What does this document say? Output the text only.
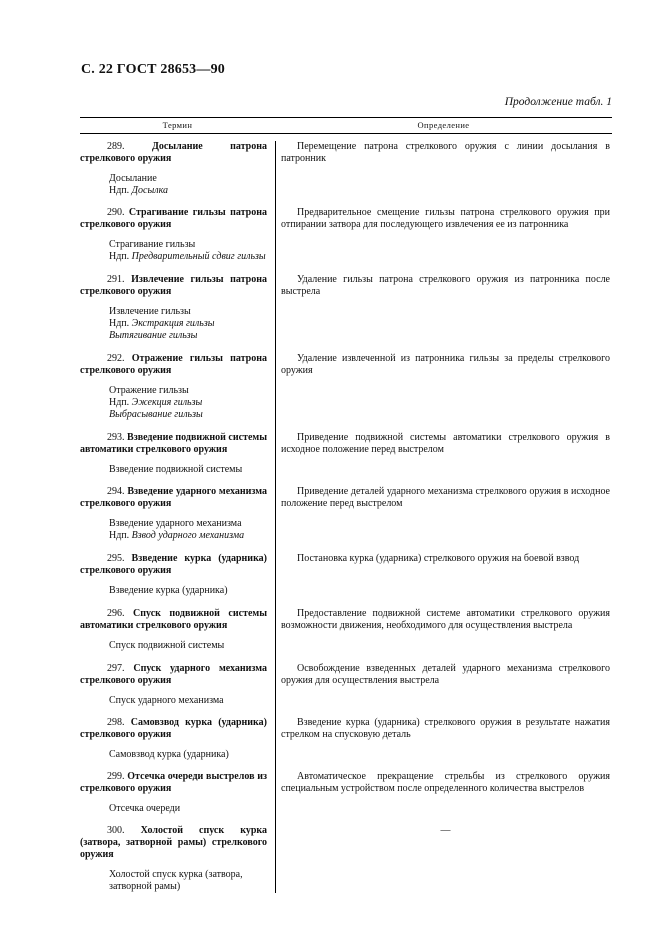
С. 22 ГОСТ 28653—90
Продолжение табл. 1
Термин	Определение

289.	Досылание патрона стрелкового оружия

Досылание
Ндп. Досылка
Перемещение патрона стрелкового оружия с линии досылания в патронник

290. Страгивание гильзы патрона стрелкового оружия

Страгивание гильзы
Ндп. Предварительный сдвиг гильзы
Предварительное смещение гильзы патрона стрелкового оружия при отпирании затвора для последующего извлечения ее из патронника

291. Извлечение гильзы патрона стрелкового оружия

Извлечение гильзы
Ндп. Экстракция гильзы
Вытягивание гильзы
Удаление гильзы патрона стрелкового оружия из патронника после выстрела

292. Отражение гильзы патрона стрелкового оружия

Отражение гильзы
Ндп. Эжекция гильзы
Выбрасывание гильзы
Удаление извлеченной из патронника гильзы за пределы стрелкового оружия

293. Взведение подвижной системы автоматики стрелкового оружия

Взведение подвижной системы
Приведение подвижной системы автоматики стрелкового оружия в исходное положение перед выстрелом

294. Взведение ударного механизма стрелкового оружия

Взведение ударного механизма
Ндп. Взвод ударного механизма
Приведение деталей ударного механизма стрелкового оружия в исходное положение перед выстрелом

295. Взведение курка (ударника) стрелкового оружия

Взведение курка (ударника)
Постановка курка (ударника) стрелкового оружия на боевой взвод

296. Спуск подвижной системы автоматики стрелкового оружия

Спуск подвижной системы
Предоставление подвижной системе автоматики стрелкового оружия возможности движения, необходимого для осуществления выстрела

297. Спуск ударного механизма стрелкового оружия

Спуск ударного механизма
Освобождение взведенных деталей ударного механизма стрелкового оружия для осуществления выстрела

298. Самовзвод курка (ударника) стрелкового оружия

Самовзвод курка (ударника)
Взведение курка (ударника) стрелкового оружия в результате нажатия стрелком на спусковую деталь

299. Отсечка очереди выстрелов из стрелкового оружия

Отсечка очереди
Автоматическое прекращение стрельбы из стрелкового оружия специальным устройством после определенного количества выстрелов

300. Холостой спуск курка (затвора, затворной рамы) стрелкового оружия

Холостой спуск курка (затвора, затворной рамы)
—
